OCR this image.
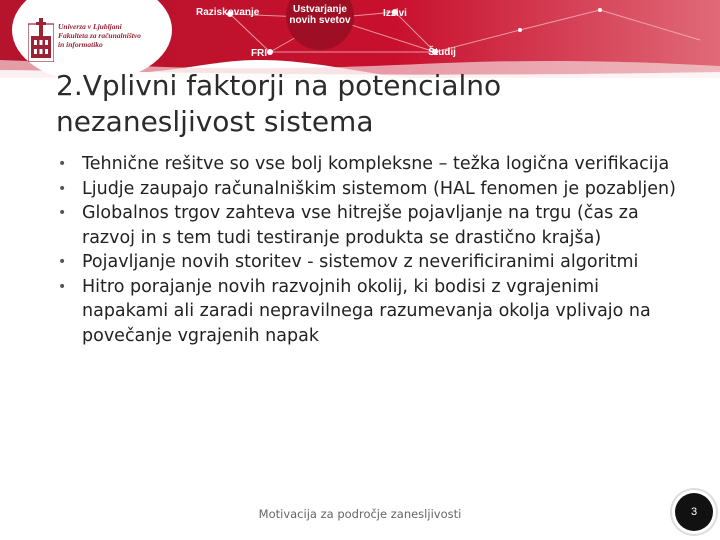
Univerza v Ljubljani
Fakulteta za računalništvo
in informatiko
Raziskovanje	Ustvarjanje novih svetov
Izzivi
FRI	Študij
2.Vplivni faktorji na potencialno nezanesljivost sistema
• Tehnične rešitve so vse bolj kompleksne – težka logična verifikacija
• Ljudje zaupajo računalniškim sistemom (HAL fenomen je pozabljen)
• Globalnos trgov zahteva vse hitrejše pojavljanje na trgu (čas za razvoj in s tem tudi testiranje produkta se drastično krajša)
• Pojavljanje novih storitev - sistemov z neverificiranimi algoritmi
• Hitro porajanje novih razvojnih okolij, ki bodisi z vgrajenimi napakami ali zaradi nepravilnega razumevanja okolja vplivajo na povečanje vgrajenih napak
Motivacija za področje zanesljivosti	3
